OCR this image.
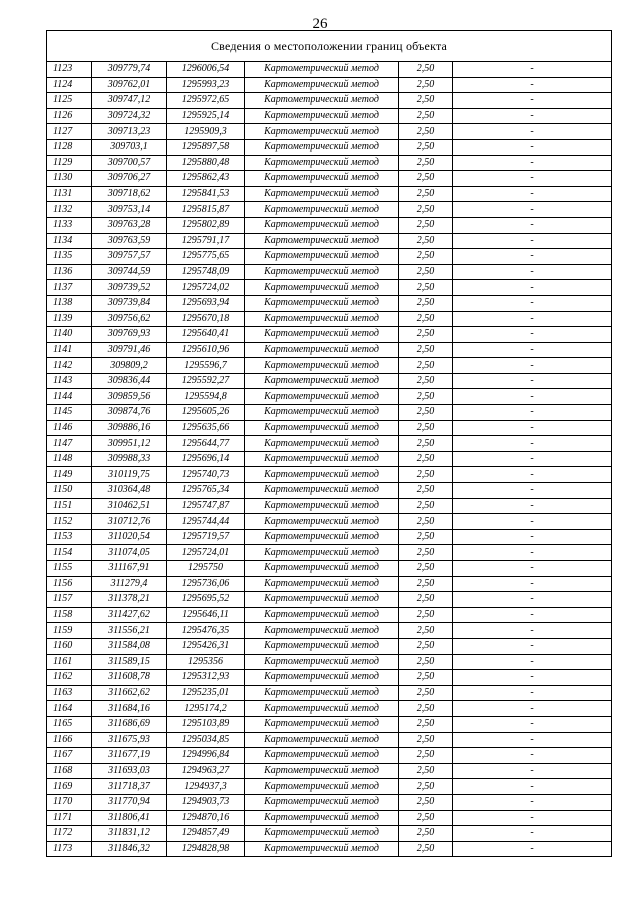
26
Сведения о местоположении границ объекта					
1123	309779,74	1296006,54	Картометрический метод	2,50	-
1124	309762,01	1295993,23	Картометрический метод	2,50	-
1125	309747,12	1295972,65	Картометрический метод	2,50	-
1126	309724,32	1295925,14	Картометрический метод	2,50	-
1127	309713,23	1295909,3	Картометрический метод	2,50	-
1128	309703,1	1295897,58	Картометрический метод	2,50	-
1129	309700,57	1295880,48	Картометрический метод	2,50	-
1130	309706,27	1295862,43	Картометрический метод	2,50	-
1131	309718,62	1295841,53	Картометрический метод	2,50	-
1132	309753,14	1295815,87	Картометрический метод	2,50	-
1133	309763,28	1295802,89	Картометрический метод	2,50	-
1134	309763,59	1295791,17	Картометрический метод	2,50	-
1135	309757,57	1295775,65	Картометрический метод	2,50	-
1136	309744,59	1295748,09	Картометрический метод	2,50	-
1137	309739,52	1295724,02	Картометрический метод	2,50	-
1138	309739,84	1295693,94	Картометрический метод	2,50	-
1139	309756,62	1295670,18	Картометрический метод	2,50	-
1140	309769,93	1295640,41	Картометрический метод	2,50	-
1141	309791,46	1295610,96	Картометрический метод	2,50	-
1142	309809,2	1295596,7	Картометрический метод	2,50	-
1143	309836,44	1295592,27	Картометрический метод	2,50	-
1144	309859,56	1295594,8	Картометрический метод	2,50	-
1145	309874,76	1295605,26	Картометрический метод	2,50	-
1146	309886,16	1295635,66	Картометрический метод	2,50	-
1147	309951,12	1295644,77	Картометрический метод	2,50	-
1148	309988,33	1295696,14	Картометрический метод	2,50	-
1149	310119,75	1295740,73	Картометрический метод	2,50	-
1150	310364,48	1295765,34	Картометрический метод	2,50	-
1151	310462,51	1295747,87	Картометрический метод	2,50	-
1152	310712,76	1295744,44	Картометрический метод	2,50	-
1153	311020,54	1295719,57	Картометрический метод	2,50	-
1154	311074,05	1295724,01	Картометрический метод	2,50	-
1155	311167,91	1295750	Картометрический метод	2,50	-
1156	311279,4	1295736,06	Картометрический метод	2,50	-
1157	311378,21	1295695,52	Картометрический метод	2,50	-
1158	311427,62	1295646,11	Картометрический метод	2,50	-
1159	311556,21	1295476,35	Картометрический метод	2,50	-
1160	311584,08	1295426,31	Картометрический метод	2,50	-
1161	311589,15	1295356	Картометрический метод	2,50	-
1162	311608,78	1295312,93	Картометрический метод	2,50	-
1163	311662,62	1295235,01	Картометрический метод	2,50	-
1164	311684,16	1295174,2	Картометрический метод	2,50	-
1165	311686,69	1295103,89	Картометрический метод	2,50	-
1166	311675,93	1295034,85	Картометрический метод	2,50	-
1167	311677,19	1294996,84	Картометрический метод	2,50	-
1168	311693,03	1294963,27	Картометрический метод	2,50	-
1169	311718,37	1294937,3	Картометрический метод	2,50	-
1170	311770,94	1294903,73	Картометрический метод	2,50	-
1171	311806,41	1294870,16	Картометрический метод	2,50	-
1172	311831,12	1294857,49	Картометрический метод	2,50	-
1173	311846,32	1294828,98	Картометрический метод	2,50	-
